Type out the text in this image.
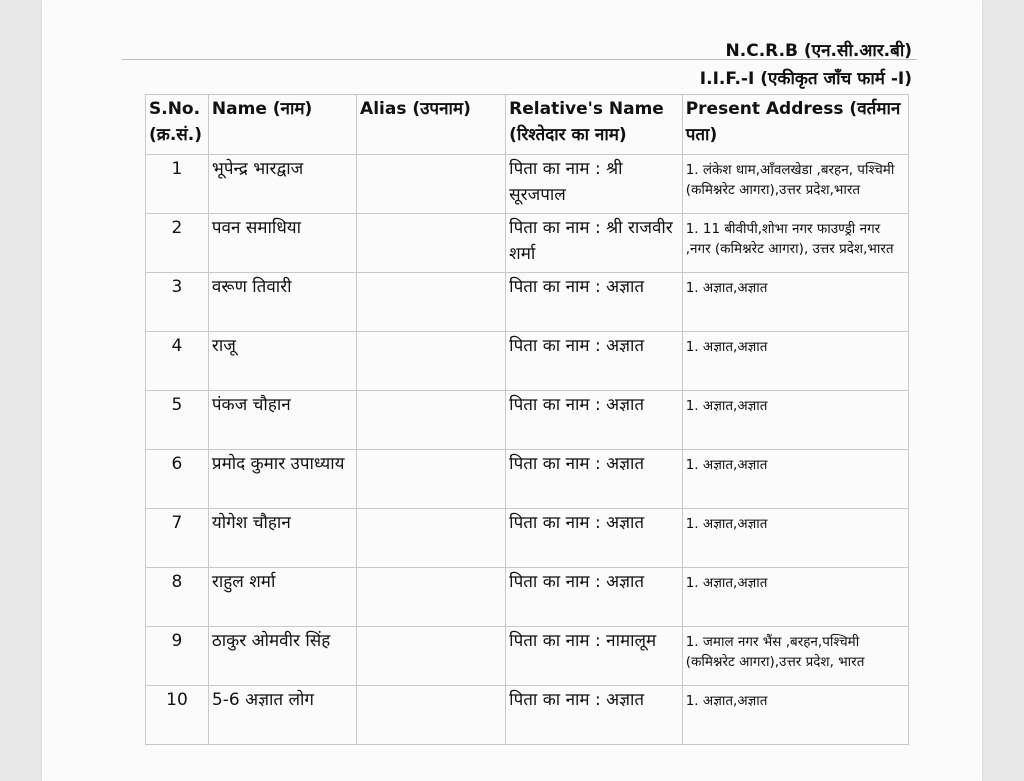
N.C.R.B (एन.सी.आर.बी)
I.I.F.-I (एकीकृत जाँच फार्म -I)
S.No. (क्र.सं.)	Name (नाम)	Alias (उपनाम)	Relative's Name (रिश्तेदार का नाम)	Present Address (वर्तमान पता)
1	भूपेन्द्र भारद्वाज		पिता का नाम : श्री सूरजपाल	1. लंकेश धाम,आँवलखेडा ,बरहन, पश्चिमी (कमिश्नरेट आगरा),उत्तर प्रदेश,भारत
2	पवन समाधिया		पिता का नाम : श्री राजवीर शर्मा	1. 11 बीवीपी,शोभा नगर फाउण्ड्री नगर ,नगर (कमिश्नरेट आगरा), उत्तर प्रदेश,भारत
3	वरूण तिवारी		पिता का नाम : अज्ञात	1. अज्ञात,अज्ञात
4	राजू		पिता का नाम : अज्ञात	1. अज्ञात,अज्ञात
5	पंकज चौहान		पिता का नाम : अज्ञात	1. अज्ञात,अज्ञात
6	प्रमोद कुमार उपाध्याय		पिता का नाम : अज्ञात	1. अज्ञात,अज्ञात
7	योगेश चौहान		पिता का नाम : अज्ञात	1. अज्ञात,अज्ञात
8	राहुल शर्मा		पिता का नाम : अज्ञात	1. अज्ञात,अज्ञात
9	ठाकुर ओमवीर सिंह		पिता का नाम : नामालूम	1. जमाल नगर भैंस ,बरहन,पश्चिमी (कमिश्नरेट आगरा),उत्तर प्रदेश, भारत
10	5-6 अज्ञात लोग		पिता का नाम : अज्ञात	1. अज्ञात,अज्ञात
